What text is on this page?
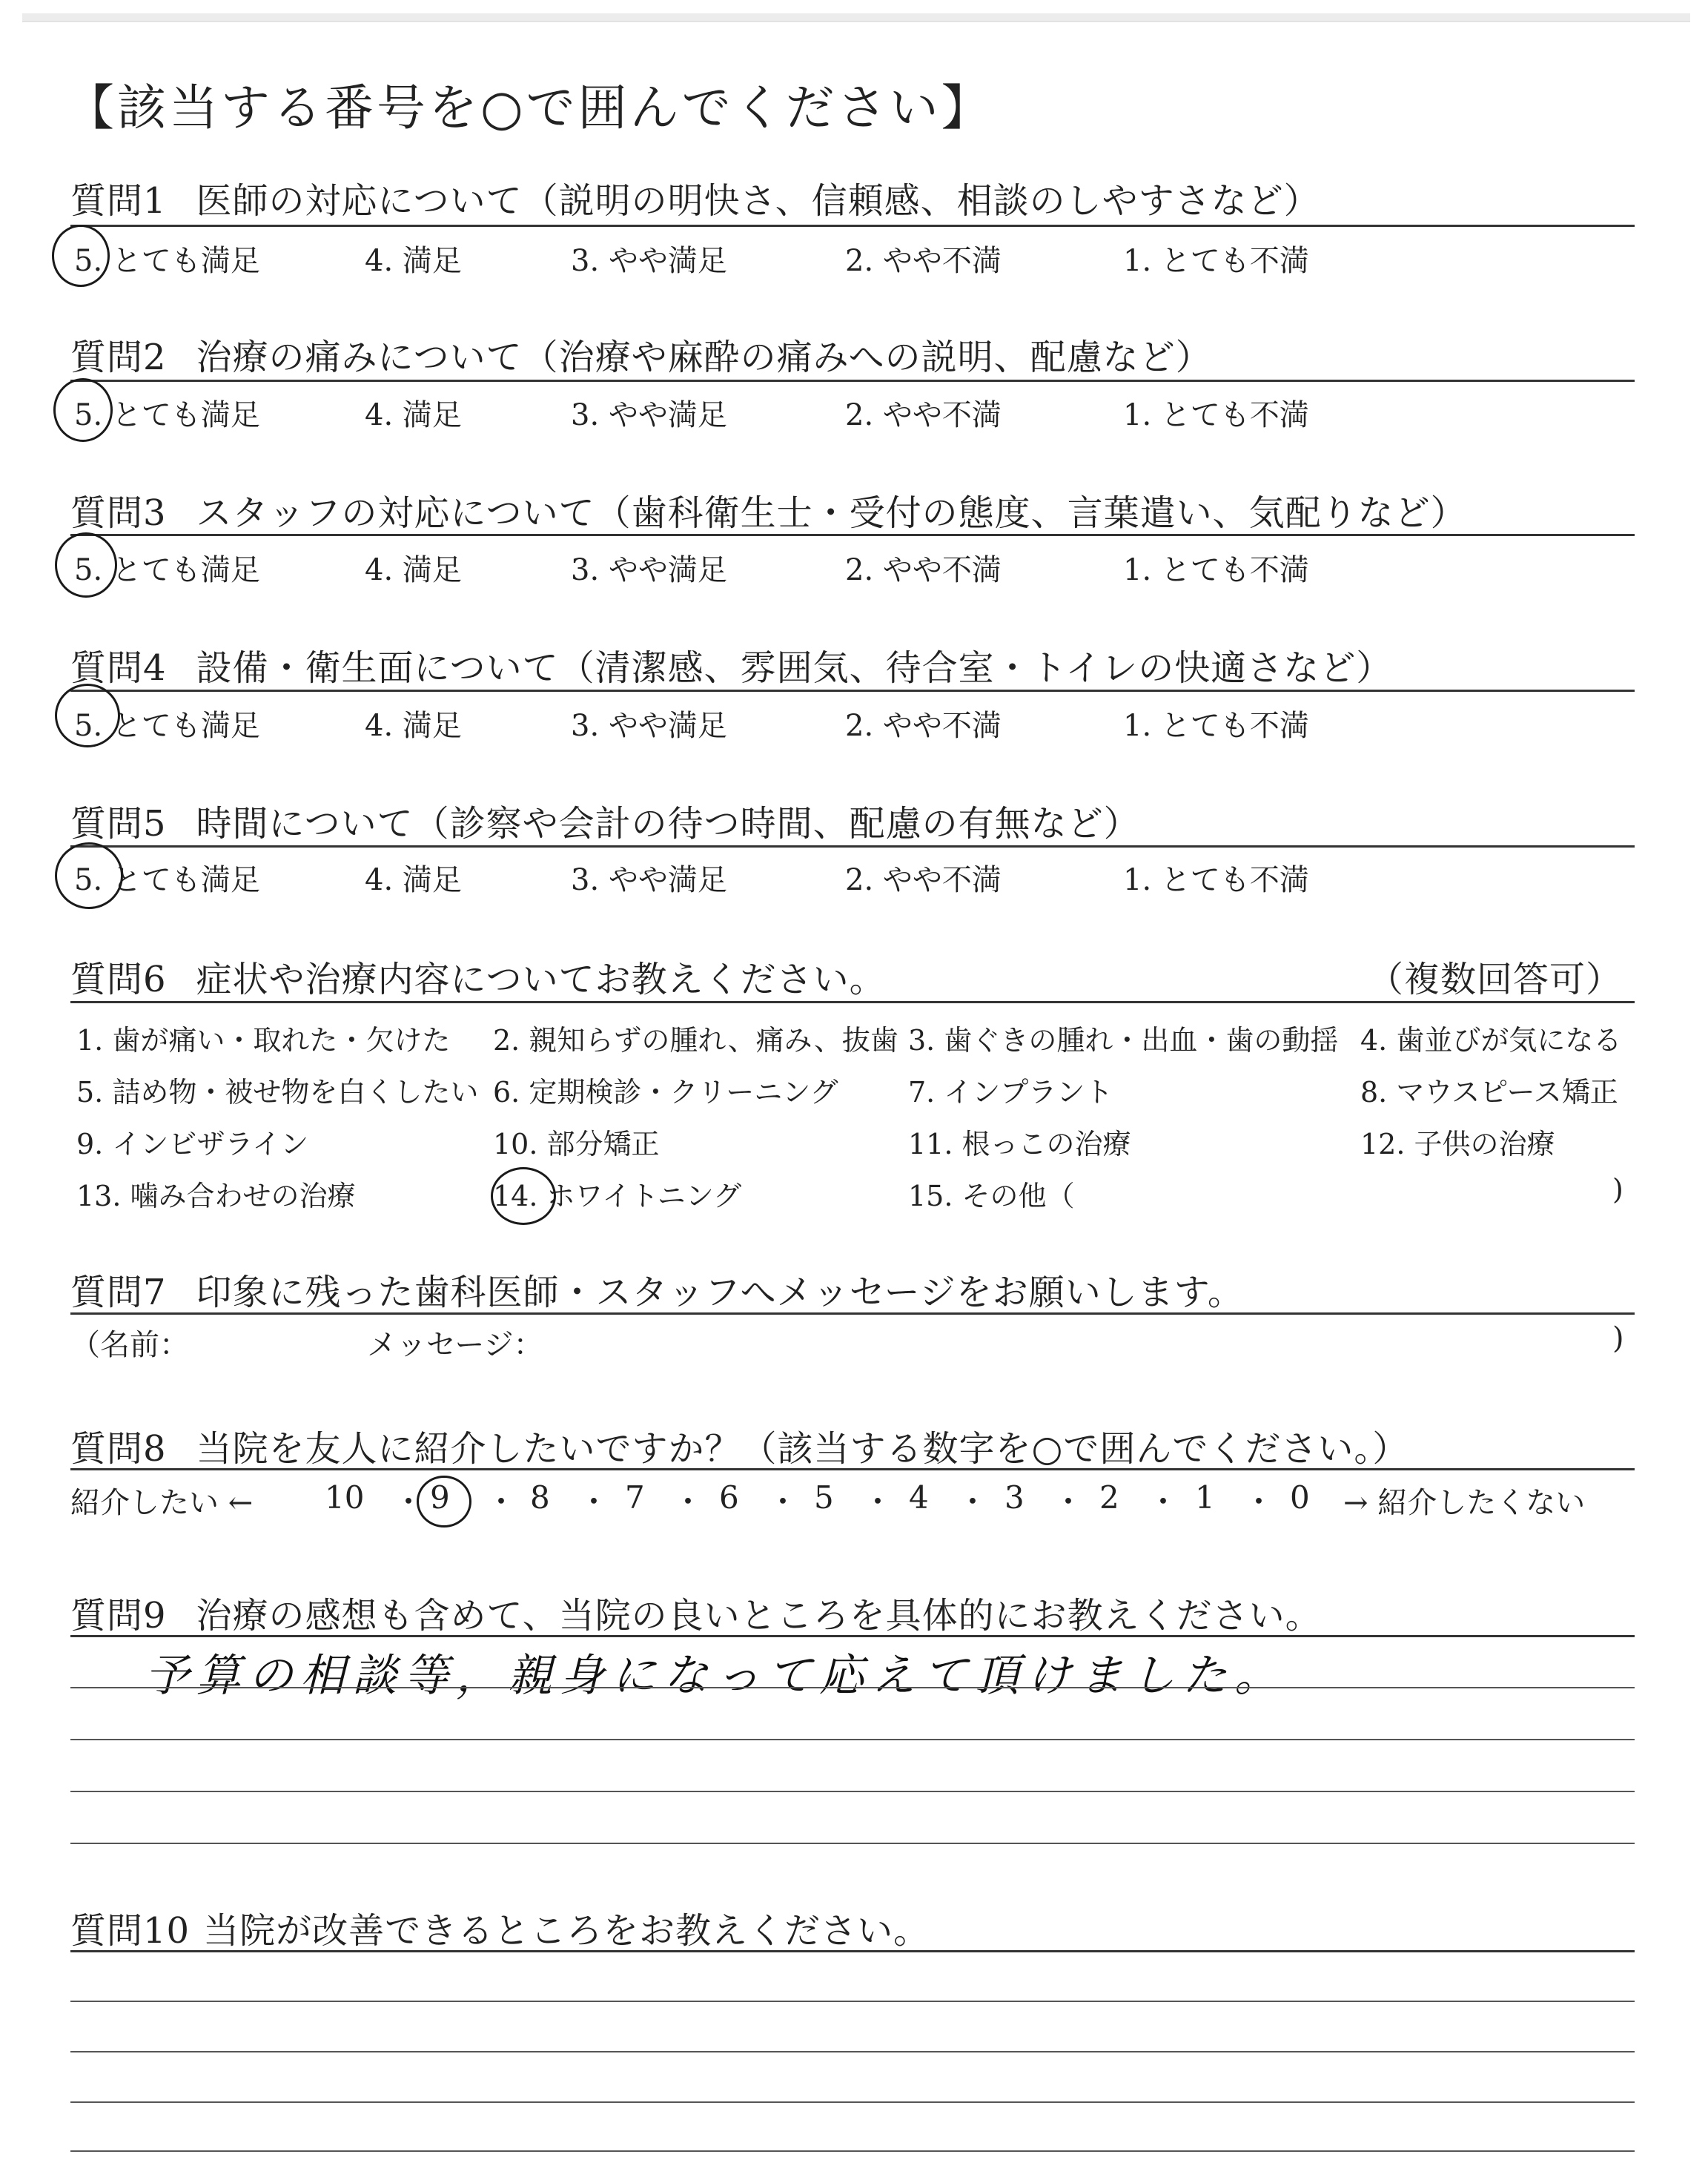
【該当する番号を○で囲んでください】
質問1 医師の対応について（説明の明快さ、信頼感、相談のしやすさなど）
5. とても満足	4. 満足	3. やや満足	2. やや不満	1. とても不満
質問2 治療の痛みについて（治療や麻酔の痛みへの説明、配慮など）
5. とても満足	4. 満足	3. やや満足	2. やや不満	1. とても不満
質問3 スタッフの対応について（歯科衛生士・受付の態度、言葉遣い、気配りなど）
5. とても満足	4. 満足	3. やや満足	2. やや不満	1. とても不満
質問4 設備・衛生面について（清潔感、雰囲気、待合室・トイレの快適さなど）
5. とても満足	4. 満足	3. やや満足	2. やや不満	1. とても不満
質問5 時間について（診察や会計の待つ時間、配慮の有無など）
5. とても満足	4. 満足	3. やや満足	2. やや不満	1. とても不満
質問6 症状や治療内容についてお教えください。	（複数回答可）
1. 歯が痛い・取れた・欠けた 2. 親知らずの腫れ、痛み、抜歯 3. 歯ぐきの腫れ・出血・歯の動揺 4. 歯並びが気になる
5. 詰め物・被せ物を白くしたい 6. 定期検診・クリーニング 7. インプラント	8. マウスピース矯正
9. インビザライン	10. 部分矯正	11. 根っこの治療	12. 子供の治療
13. 噛み合わせの治療	14. ホワイトニング	15. その他（	)
質問7 印象に残った歯科医師・スタッフへメッセージをお願いします。
（名前：	メッセージ：	)
質問8 当院を友人に紹介したいですか？（該当する数字を○で囲んでください。）
紹介したい ← 10 9	8 7 6 5 4 3 2 1 0
・ ・ ・ ・ ・ ・ ・ ・ ・ ・ → 紹介したくない
質問9 治療の感想も含めて、当院の良いところを具体的にお教えください。
予算の相談等，親身になって応えて頂けました。
質問10 当院が改善できるところをお教えください。
